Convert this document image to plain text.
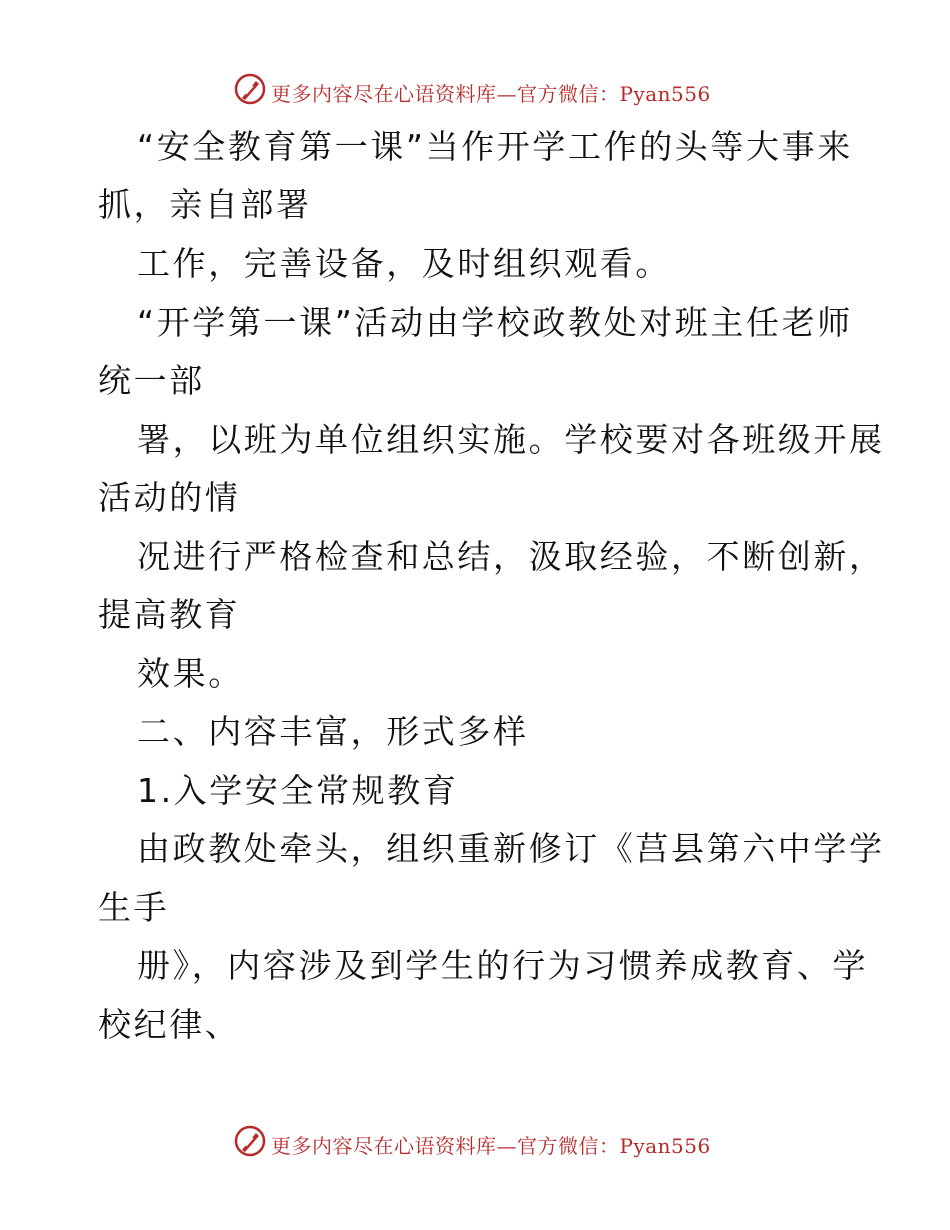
更多内容尽在心语资料库—官方微信：Pyan556
“安全教育第一课”当作开学工作的头等大事来
抓，亲自部署
工作，完善设备，及时组织观看。
“开学第一课”活动由学校政教处对班主任老师
统一部
署，以班为单位组织实施。学校要对各班级开展
活动的情
况进行严格检查和总结，汲取经验，不断创新，
提高教育
效果。
二、内容丰富，形式多样
1.入学安全常规教育
由政教处牵头，组织重新修订《莒县第六中学学
生手
册》，内容涉及到学生的行为习惯养成教育、学
校纪律、
更多内容尽在心语资料库—官方微信：Pyan556
